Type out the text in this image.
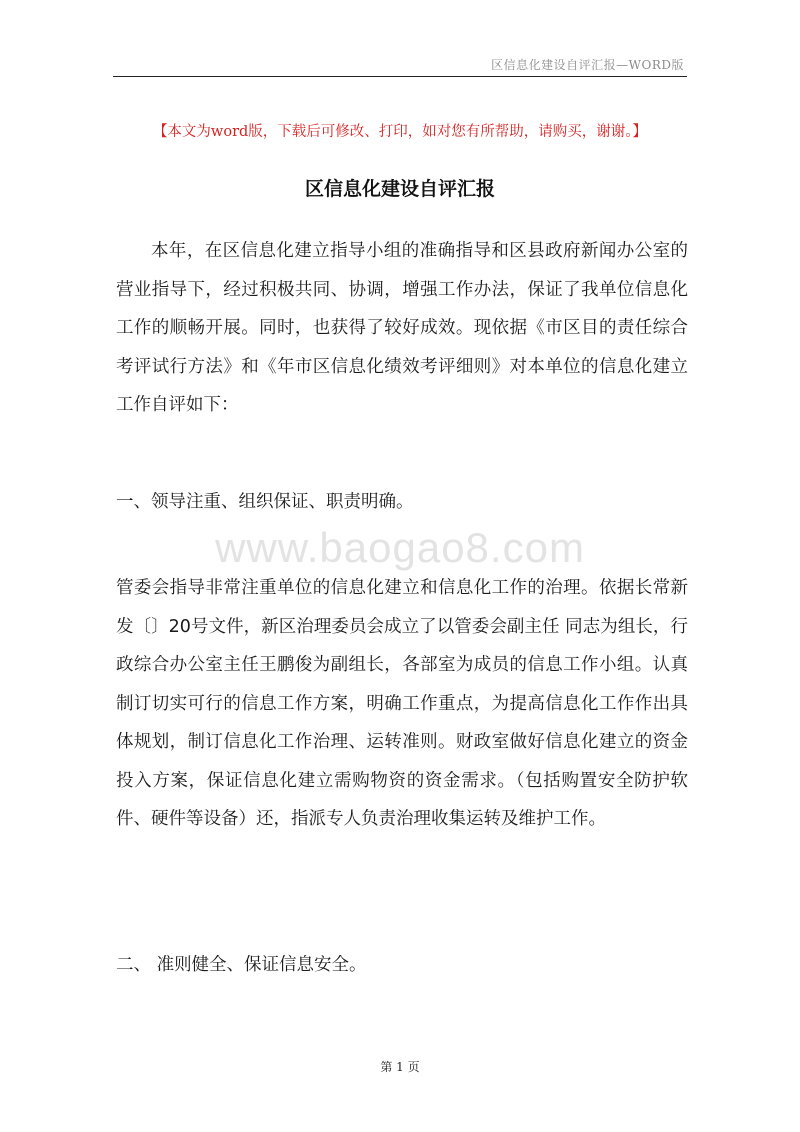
区信息化建设自评汇报—WORD版
【本文为word版，下载后可修改、打印，如对您有所帮助，请购买，谢谢。】
区信息化建设自评汇报

本年，在区信息化建立指导小组的准确指导和区县政府新闻办公室的营业指导下，经过积极共同、协调，增强工作办法，保证了我单位信息化工作的顺畅开展。同时，也获得了较好成效。现依据《市区目的责任综合考评试行方法》和《年市区信息化绩效考评细则》对本单位的信息化建立工作自评如下：

一、领导注重、组织保证、职责明确。

www.baogao8.com

管委会指导非常注重单位的信息化建立和信息化工作的治理。依据长常新发〔〕20号文件，新区治理委员会成立了以管委会副主任 同志为组长，行政综合办公室主任王鹏俊为副组长，各部室为成员的信息工作小组。认真制订切实可行的信息工作方案，明确工作重点，为提高信息化工作作出具体规划，制订信息化工作治理、运转准则。财政室做好信息化建立的资金投入方案，保证信息化建立需购物资的资金需求。（包括购置安全防护软件、硬件等设备）还，指派专人负责治理收集运转及维护工作。

二、 准则健全、保证信息安全。

第 1 页
